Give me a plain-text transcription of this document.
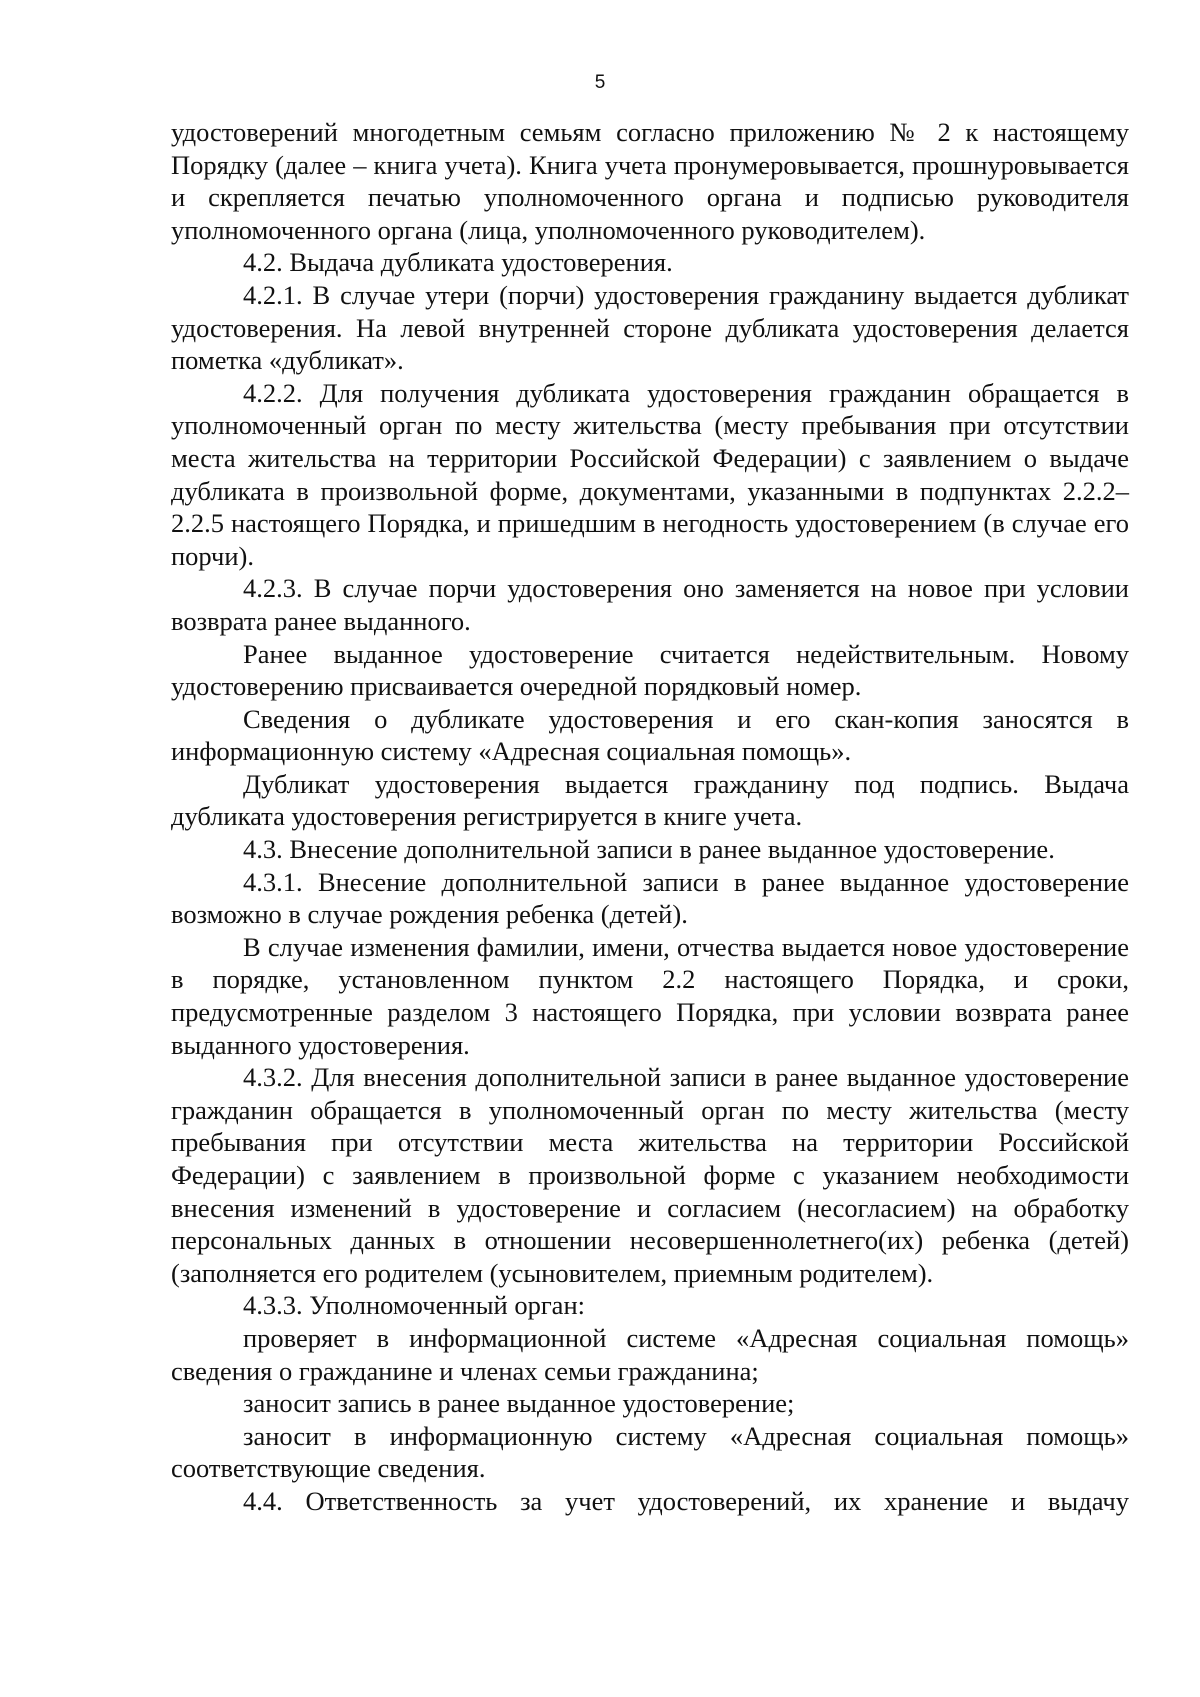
5

удостоверений многодетным семьям согласно приложению № 2 к настоящему Порядку (далее – книга учета). Книга учета пронумеровывается, прошнуровывается и скрепляется печатью уполномоченного органа и подписью руководителя уполномоченного органа (лица, уполномоченного руководителем).

4.2. Выдача дубликата удостоверения.

4.2.1. В случае утери (порчи) удостоверения гражданину выдается дубликат удостоверения. На левой внутренней стороне дубликата удостоверения делается пометка «дубликат».

4.2.2. Для получения дубликата удостоверения гражданин обращается в уполномоченный орган по месту жительства (месту пребывания при отсутствии места жительства на территории Российской Федерации) с заявлением о выдаче дубликата в произвольной форме, документами, указанными в подпунктах 2.2.2–2.2.5 настоящего Порядка, и пришедшим в негодность удостоверением (в случае его порчи).

4.2.3. В случае порчи удостоверения оно заменяется на новое при условии возврата ранее выданного.

Ранее выданное удостоверение считается недействительным. Новому удостоверению присваивается очередной порядковый номер.

Сведения о дубликате удостоверения и его скан-копия заносятся в информационную систему «Адресная социальная помощь».

Дубликат удостоверения выдается гражданину под подпись. Выдача дубликата удостоверения регистрируется в книге учета.

4.3. Внесение дополнительной записи в ранее выданное удостоверение.

4.3.1. Внесение дополнительной записи в ранее выданное удостоверение возможно в случае рождения ребенка (детей).

В случае изменения фамилии, имени, отчества выдается новое удостоверение в порядке, установленном пунктом 2.2 настоящего Порядка, и сроки, предусмотренные разделом 3 настоящего Порядка, при условии возврата ранее выданного удостоверения.

4.3.2. Для внесения дополнительной записи в ранее выданное удостоверение гражданин обращается в уполномоченный орган по месту жительства (месту пребывания при отсутствии места жительства на территории Российской Федерации) с заявлением в произвольной форме с указанием необходимости внесения изменений в удостоверение и согласием (несогласием) на обработку персональных данных в отношении несовершеннолетнего(их) ребенка (детей) (заполняется его родителем (усыновителем, приемным родителем).

4.3.3. Уполномоченный орган:

проверяет в информационной системе «Адресная социальная помощь» сведения о гражданине и членах семьи гражданина;

заносит запись в ранее выданное удостоверение;

заносит в информационную систему «Адресная социальная помощь» соответствующие сведения.

4.4. Ответственность за учет удостоверений, их хранение и выдачу
